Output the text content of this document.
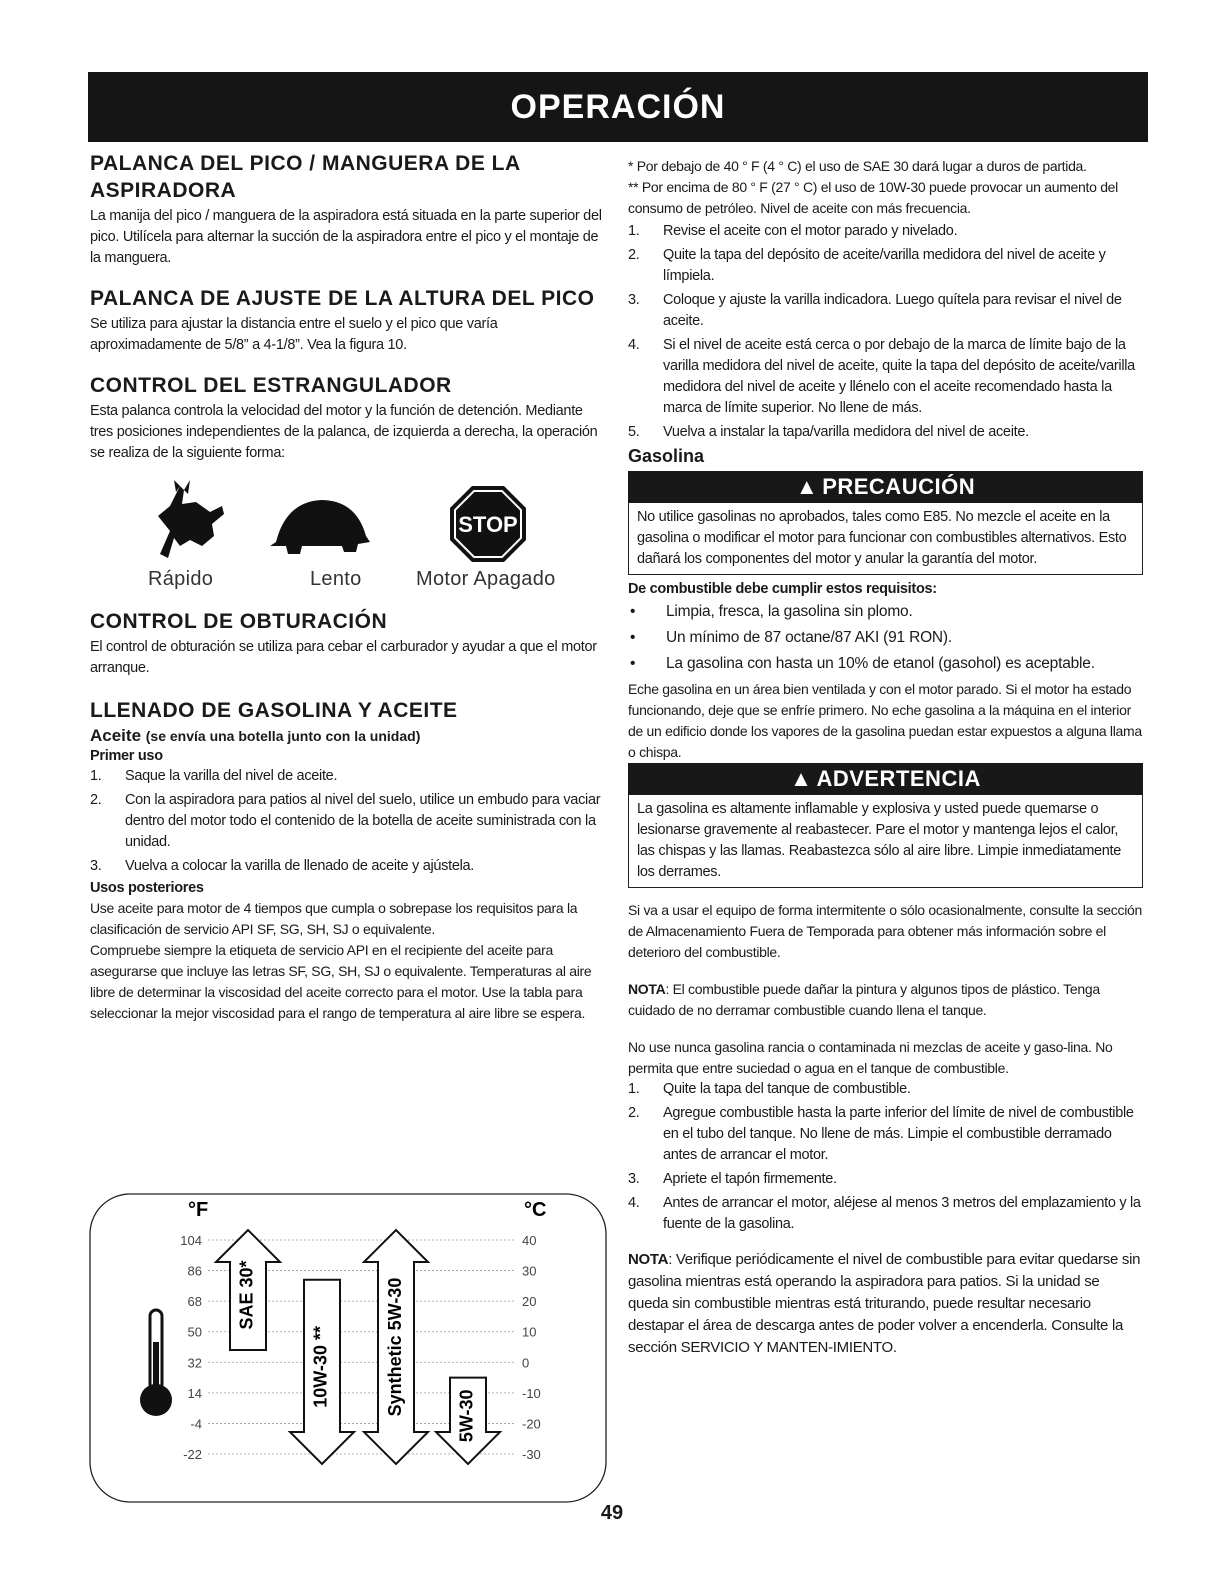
OPERACIÓN
PALANCA DEL PICO / MANGUERA DE LA ASPIRADORA

La manija del pico / manguera de la aspiradora está situada en la parte superior del pico. Utilícela para alternar la succión de la aspiradora entre el pico y el montaje de la manguera.

PALANCA DE AJUSTE DE LA ALTURA DEL PICO

Se utiliza para ajustar la distancia entre el suelo y el pico que varía aproximadamente de 5/8” a 4-1/8”. Vea la figura 10.

CONTROL DEL ESTRANGULADOR

Esta palanca controla la velocidad del motor y la función de detención. Mediante tres posiciones independientes de la palanca, de izquierda a derecha, la operación se realiza de la siguiente forma:

STOP
Rápido	Lento	Motor Apagado
CONTROL DE OBTURACIÓN

El control de obturación se utiliza para cebar el carburador y ayudar a que el motor arranque.

LLENADO DE GASOLINA Y ACEITE
Aceite (se envía una botella junto con la unidad)
Primer uso
1. Saque la varilla del nivel de aceite.
2. Con la aspiradora para patios al nivel del suelo, utilice un embudo para vaciar dentro del motor todo el contenido de la botella de aceite suministrada con la unidad.
3. Vuelva a colocar la varilla de llenado de aceite y ajústela.
Usos posteriores

Use aceite para motor de 4 tiempos que cumpla o sobrepase los requisitos para la clasificación de servicio API SF, SG, SH, SJ o equivalente.

Compruebe siempre la etiqueta de servicio API en el recipiente del aceite para asegurarse que incluye las letras SF, SG, SH, SJ o equivalente. Temperaturas al aire libre de determinar la viscosidad del aceite correcto para el motor. Use la tabla para seleccionar la mejor viscosidad para el rango de temperatura al aire libre se espera.

°F	°C
104	40
86	30
68	20
50	10
32	0
14	-10
-4	-20
-22	-30
SAE 30*
10W-30 **	Synthetic 5W-30	5W-30

* Por debajo de 40 ° F (4 ° C) el uso de SAE 30 dará lugar a duros de partida.

** Por encima de 80 ° F (27 ° C) el uso de 10W-30 puede provocar un aumento del consumo de petróleo. Nivel de aceite con más frecuencia.

1. Revise el aceite con el motor parado y nivelado.
2. Quite la tapa del depósito de aceite/varilla medidora del nivel de aceite y límpiela.
3. Coloque y ajuste la varilla indicadora. Luego quítela para revisar el nivel de aceite.
4. Si el nivel de aceite está cerca o por debajo de la marca de límite bajo de la varilla medidora del nivel de aceite, quite la tapa del depósito de aceite/varilla medidora del nivel de aceite y llénelo con el aceite recomendado hasta la marca de límite superior. No llene de más.
5. Vuelva a instalar la tapa/varilla medidora del nivel de aceite.
Gasolina
▲ PRECAUCIÓN
No utilice gasolinas no aprobados, tales como E85. No mezcle el aceite en la gasolina o modificar el motor para funcionar con combustibles alternativos. Esto dañará los componentes del motor y anular la garantía del motor.
De combustible debe cumplir estos requisitos:
• Limpia, fresca, la gasolina sin plomo.
• Un mínimo de 87 octane/87 AKI (91 RON).
• La gasolina con hasta un 10% de etanol (gasohol) es aceptable.

Eche gasolina en un área bien ventilada y con el motor parado. Si el motor ha estado funcionando, deje que se enfríe primero. No eche gasolina a la máquina en el interior de un edificio donde los vapores de la gasolina puedan estar expuestos a alguna llama o chispa.

▲ ADVERTENCIA
La gasolina es altamente inflamable y explosiva y usted puede quemarse o lesionarse gravemente al reabastecer. Pare el motor y mantenga lejos el calor, las chispas y las llamas. Reabastezca sólo al aire libre. Limpie inmediatamente los derrames.

Si va a usar el equipo de forma intermitente o sólo ocasionalmente, consulte la sección de Almacenamiento Fuera de Temporada para obtener más información sobre el deterioro del combustible.

NOTA: El combustible puede dañar la pintura y algunos tipos de plástico. Tenga cuidado de no derramar combustible cuando llena el tanque.

No use nunca gasolina rancia o contaminada ni mezclas de aceite y gaso-lina. No permita que entre suciedad o agua en el tanque de combustible.

1. Quite la tapa del tanque de combustible.
2. Agregue combustible hasta la parte inferior del límite de nivel de combustible en el tubo del tanque. No llene de más. Limpie el combustible derramado antes de arrancar el motor.
3. Apriete el tapón firmemente.
4. Antes de arrancar el motor, aléjese al menos 3 metros del emplazamiento y la fuente de la gasolina.

NOTA: Verifique periódicamente el nivel de combustible para evitar quedarse sin gasolina mientras está operando la aspiradora para patios. Si la unidad se queda sin combustible mientras está triturando, puede resultar necesario destapar el área de descarga antes de poder volver a encenderla. Consulte la sección SERVICIO Y MANTEN-IMIENTO.

49
